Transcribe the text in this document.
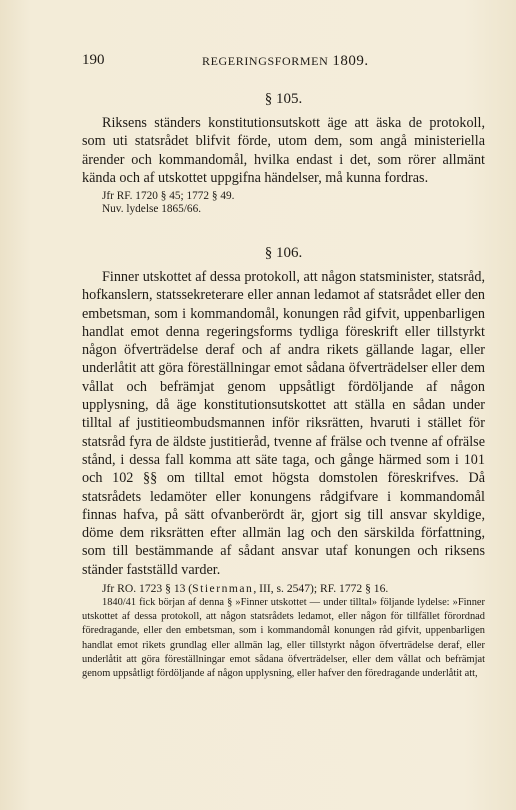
190	REGERINGSFORMEN 1809.
§ 105.

Riksens ständers konstitutionsutskott äge att äska de protokoll, som uti statsrådet blifvit förde, utom dem, som angå ministeriella ärender och kommandomål, hvilka endast i det, som rörer allmänt kända och af utskottet uppgifna händelser, må kunna fordras.

Jfr RF. 1720 § 45; 1772 § 49.

Nuv. lydelse 1865/66.

§ 106.

Finner utskottet af dessa protokoll, att någon statsminister, statsråd, hofkanslern, statssekreterare eller annan ledamot af statsrådet eller den embetsman, som i kommandomål, konungen råd gifvit, uppenbarligen handlat emot denna regeringsforms tydliga föreskrift eller tillstyrkt någon öfverträdelse deraf och af andra rikets gällande lagar, eller underlåtit att göra föreställningar emot sådana öfverträdelser eller dem vållat och befrämjat genom uppsåtligt fördöljande af någon upplysning, då äge konstitutionsutskottet att ställa en sådan under tilltal af justitieombudsmannen inför riksrätten, hvaruti i stället för statsråd fyra de äldste justitieråd, tvenne af frälse och tvenne af ofrälse stånd, i dessa fall komma att säte taga, och gånge härmed som i 101 och 102 §§ om tilltal emot högsta domstolen föreskrifves. Då statsrådets ledamöter eller konungens rådgifvare i kommandomål finnas hafva, på sätt ofvanberördt är, gjort sig till ansvar skyldige, döme dem riksrätten efter allmän lag och den särskilda författning, som till bestämmande af sådant ansvar utaf konungen och riksens ständer fastställd varder.

Jfr RO. 1723 § 13 (Stiernman, III, s. 2547); RF. 1772 § 16.

1840/41 fick början af denna § »Finner utskottet — under tilltal» följande lydelse: »Finner utskottet af dessa protokoll, att någon statsrådets ledamot, eller någon för tillfället förordnad föredragande, eller den embetsman, som i kommandomål konungen råd gifvit, uppenbarligen handlat emot rikets grundlag eller allmän lag, eller tillstyrkt någon öfverträdelse deraf, eller underlåtit att göra föreställningar emot sådana öfverträdelser, eller dem vållat och befrämjat genom uppsåtligt fördöljande af någon upplysning, eller hafver den föredragande underlåtit att,
